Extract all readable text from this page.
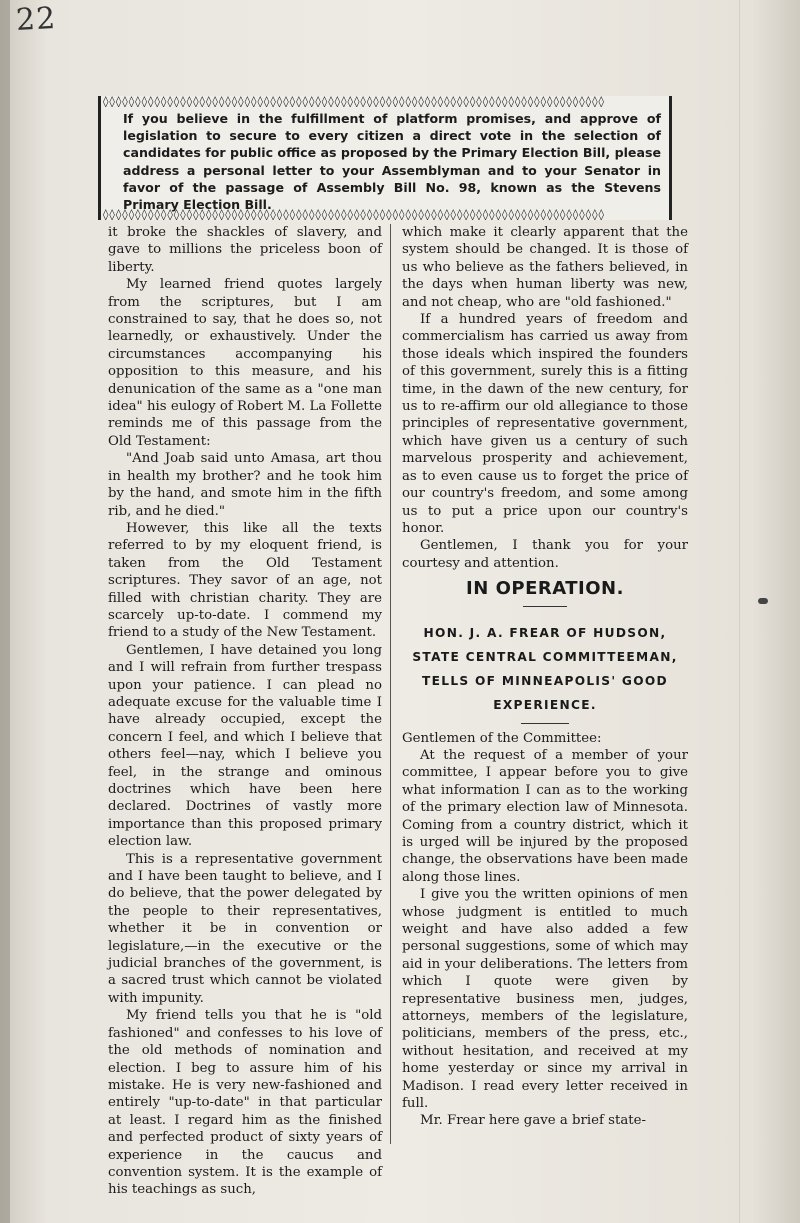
22
◊◊◊◊◊◊◊◊◊◊◊◊◊◊◊◊◊◊◊◊◊◊◊◊◊◊◊◊◊◊◊◊◊◊◊◊◊◊◊◊◊◊◊◊◊◊◊◊◊◊◊◊◊◊◊◊◊◊◊◊◊◊◊◊◊◊◊◊◊◊◊◊◊◊◊◊◊◊
If you believe in the fulfillment of platform promises, and approve of legislation to secure to every citizen a direct vote in the selection of candidates for public office as proposed by the Primary Election Bill, please address a personal letter to your Assemblyman and to your Senator in favor of the passage of Assembly Bill No. 98, known as the Stevens Primary Election Bill.
◊◊◊◊◊◊◊◊◊◊◊◊◊◊◊◊◊◊◊◊◊◊◊◊◊◊◊◊◊◊◊◊◊◊◊◊◊◊◊◊◊◊◊◊◊◊◊◊◊◊◊◊◊◊◊◊◊◊◊◊◊◊◊◊◊◊◊◊◊◊◊◊◊◊◊◊◊◊

it broke the shackles of slavery, and gave to millions the priceless boon of liberty.

My learned friend quotes largely from the scriptures, but I am constrained to say, that he does so, not learnedly, or exhaustively. Under the circumstances accompanying his opposition to this measure, and his denunication of the same as a "one man idea" his eulogy of Robert M. La Follette reminds me of this passage from the Old Testament:

"And Joab said unto Amasa, art thou in health my brother? and he took him by the hand, and smote him in the fifth rib, and he died."

However, this like all the texts referred to by my eloquent friend, is taken from the Old Testament scriptures. They savor of an age, not filled with christian charity. They are scarcely up-to-date. I commend my friend to a study of the New Testament.

Gentlemen, I have detained you long and I will refrain from further trespass upon your patience. I can plead no adequate excuse for the valuable time I have already occupied, except the concern I feel, and which I believe that others feel—nay, which I believe you feel, in the strange and ominous doctrines which have been here declared. Doctrines of vastly more importance than this proposed primary election law.

This is a representative government and I have been taught to believe, and I do believe, that the power delegated by the people to their representatives, whether it be in convention or legislature,—in the executive or the judicial branches of the government, is a sacred trust which cannot be violated with impunity.

My friend tells you that he is "old fashioned" and confesses to his love of the old methods of nomination and election. I beg to assure him of his mistake. He is very new-fashioned and entirely "up-to-date" in that particular at least. I regard him as the finished and perfected product of sixty years of experience in the caucus and convention system. It is the example of his teachings as such,

which make it clearly apparent that the system should be changed. It is those of us who believe as the fathers believed, in the days when human liberty was new, and not cheap, who are "old fashioned."

If a hundred years of freedom and commercialism has carried us away from those ideals which inspired the founders of this government, surely this is a fitting time, in the dawn of the new century, for us to re-affirm our old allegiance to those principles of representative government, which have given us a century of such marvelous prosperity and achievement, as to even cause us to forget the price of our country's freedom, and some among us to put a price upon our country's honor.

Gentlemen, I thank you for your courtesy and attention.

IN OPERATION.
HON. J. A. FREAR OF HUDSON, STATE CENTRAL COMMITTEEMAN, TELLS OF MINNEAPOLIS' GOOD EXPERIENCE.

Gentlemen of the Committee:

At the request of a member of your committee, I appear before you to give what information I can as to the working of the primary election law of Minnesota. Coming from a country district, which it is urged will be injured by the proposed change, the observations have been made along those lines.

I give you the written opinions of men whose judgment is entitled to much weight and have also added a few personal suggestions, some of which may aid in your deliberations. The letters from which I quote were given by representative business men, judges, attorneys, members of the legislature, politicians, members of the press, etc., without hesitation, and received at my home yesterday or since my arrival in Madison. I read every letter received in full.

Mr. Frear here gave a brief state-
